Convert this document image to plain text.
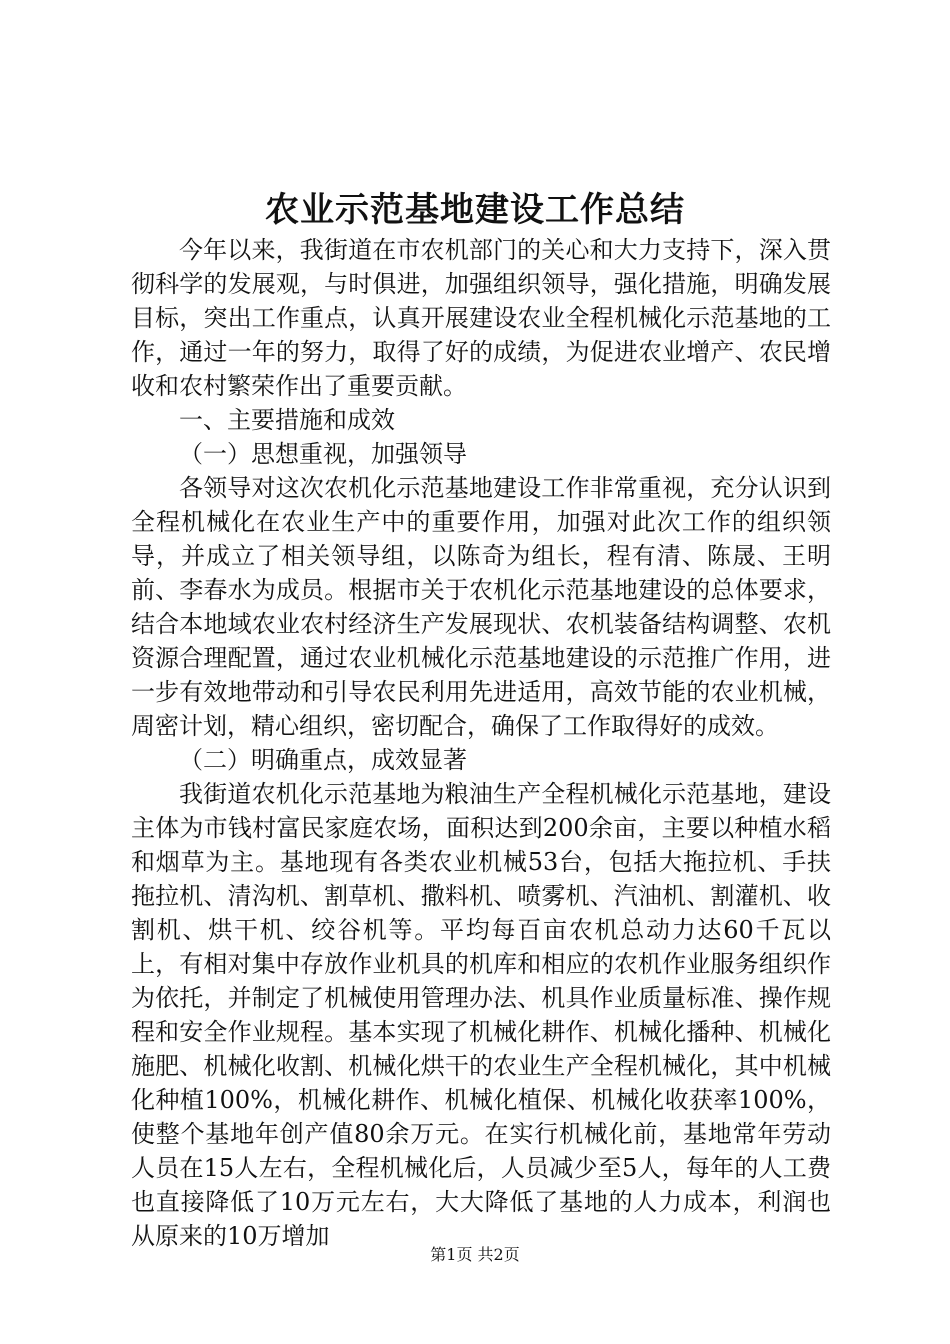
农业示范基地建设工作总结

今年以来，我街道在市农机部门的关心和大力支持下，深入贯彻科学的发展观，与时俱进，加强组织领导，强化措施，明确发展目标，突出工作重点，认真开展建设农业全程机械化示范基地的工作，通过一年的努力，取得了好的成绩，为促进农业增产、农民增收和农村繁荣作出了重要贡献。

一、主要措施和成效

（一）思想重视，加强领导

各领导对这次农机化示范基地建设工作非常重视，充分认识到全程机械化在农业生产中的重要作用，加强对此次工作的组织领导，并成立了相关领导组，以陈奇为组长，程有清、陈晟、王明前、李春水为成员。根据市关于农机化示范基地建设的总体要求，结合本地域农业农村经济生产发展现状、农机装备结构调整、农机资源合理配置，通过农业机械化示范基地建设的示范推广作用，进一步有效地带动和引导农民利用先进适用，高效节能的农业机械，周密计划，精心组织，密切配合，确保了工作取得好的成效。

（二）明确重点，成效显著

我街道农机化示范基地为粮油生产全程机械化示范基地，建设主体为市钱村富民家庭农场，面积达到200余亩，主要以种植水稻和烟草为主。基地现有各类农业机械53台，包括大拖拉机、手扶拖拉机、清沟机、割草机、撒料机、喷雾机、汽油机、割灌机、收割机、烘干机、绞谷机等。平均每百亩农机总动力达60千瓦以上，有相对集中存放作业机具的机库和相应的农机作业服务组织作为依托，并制定了机械使用管理办法、机具作业质量标准、操作规程和安全作业规程。基本实现了机械化耕作、机械化播种、机械化施肥、机械化收割、机械化烘干的农业生产全程机械化，其中机械化种植100%，机械化耕作、机械化植保、机械化收获率100%，使整个基地年创产值80余万元。在实行机械化前，基地常年劳动人员在15人左右，全程机械化后，人员减少至5人，每年的人工费也直接降低了10万元左右，大大降低了基地的人力成本，利润也从原来的10万增加

第1页 共2页
